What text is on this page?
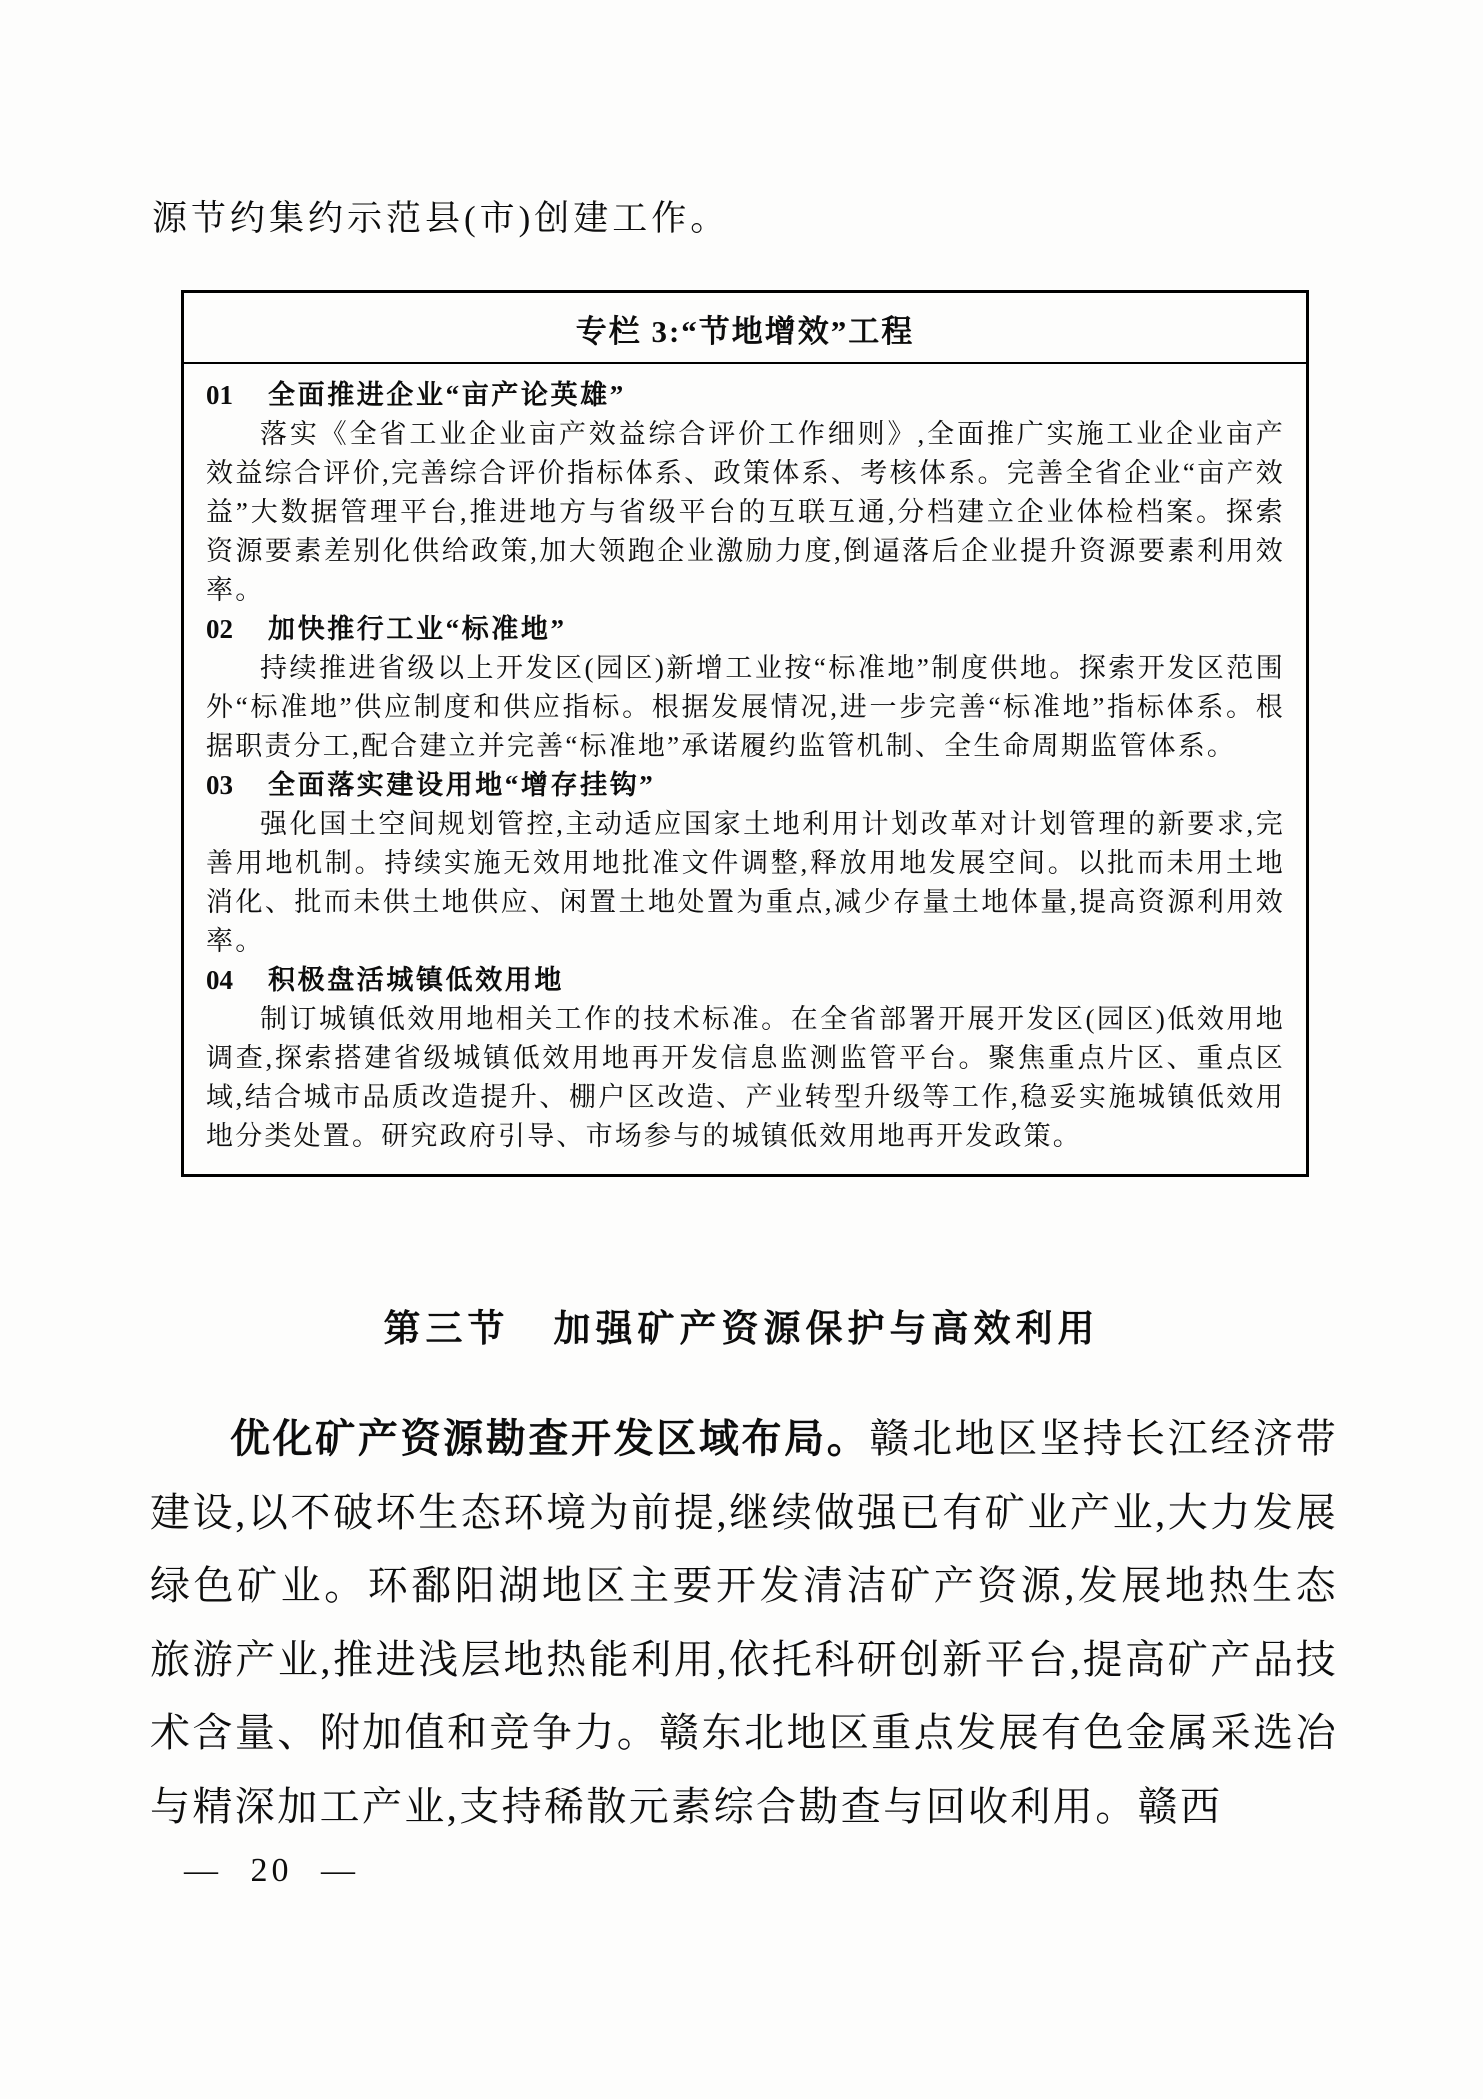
源节约集约示范县(市)创建工作。
专栏 3:“节地增效”工程
01 全面推进企业“亩产论英雄”

落实《全省工业企业亩产效益综合评价工作细则》,全面推广实施工业企业亩产效益综合评价,完善综合评价指标体系、政策体系、考核体系。完善全省企业“亩产效益”大数据管理平台,推进地方与省级平台的互联互通,分档建立企业体检档案。探索资源要素差别化供给政策,加大领跑企业激励力度,倒逼落后企业提升资源要素利用效率。

02 加快推行工业“标准地”

持续推进省级以上开发区(园区)新增工业按“标准地”制度供地。探索开发区范围外“标准地”供应制度和供应指标。根据发展情况,进一步完善“标准地”指标体系。根据职责分工,配合建立并完善“标准地”承诺履约监管机制、全生命周期监管体系。

03 全面落实建设用地“增存挂钩”

强化国土空间规划管控,主动适应国家土地利用计划改革对计划管理的新要求,完善用地机制。持续实施无效用地批准文件调整,释放用地发展空间。以批而未用土地消化、批而未供土地供应、闲置土地处置为重点,减少存量土地体量,提高资源利用效率。

04 积极盘活城镇低效用地

制订城镇低效用地相关工作的技术标准。在全省部署开展开发区(园区)低效用地调查,探索搭建省级城镇低效用地再开发信息监测监管平台。聚焦重点片区、重点区域,结合城市品质改造提升、棚户区改造、产业转型升级等工作,稳妥实施城镇低效用地分类处置。研究政府引导、市场参与的城镇低效用地再开发政策。

第三节 加强矿产资源保护与高效利用

优化矿产资源勘查开发区域布局。赣北地区坚持长江经济带建设,以不破坏生态环境为前提,继续做强已有矿业产业,大力发展绿色矿业。环鄱阳湖地区主要开发清洁矿产资源,发展地热生态旅游产业,推进浅层地热能利用,依托科研创新平台,提高矿产品技术含量、附加值和竞争力。赣东北地区重点发展有色金属采选冶与精深加工产业,支持稀散元素综合勘查与回收利用。赣西

— 20 —
